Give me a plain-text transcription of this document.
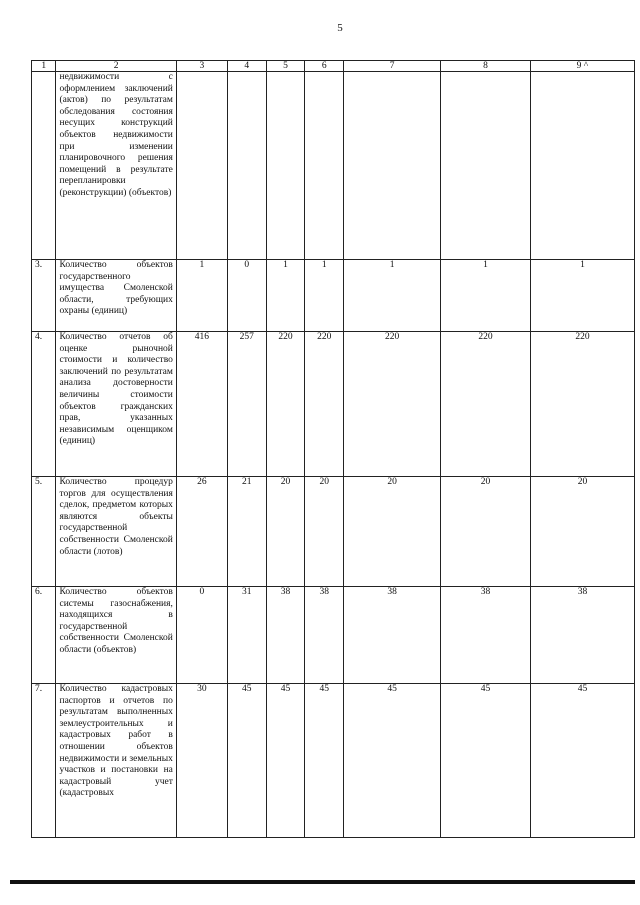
5
1	2	3	4	5	6	7	8	9 ^
	недвижимости с оформлением заключений (актов) по результатам обследования состояния несущих конструкций объектов недвижимости при изменении планировочного решения помещений в результате перепланировки (реконструкции) (объектов)							
3.	Количество объектов государственного имущества Смоленской области, требующих охраны (единиц)	1	0	1	1	1	1	1
4.	Количество отчетов об оценке рыночной стоимости и количество заключений по результатам анализа достоверности величины стоимости объектов гражданских прав, указанных независимым оценщиком (единиц)	416	257	220	220	220	220	220
5.	Количество процедур торгов для осуществления сделок, предметом которых являются объекты государственной собственности Смоленской области (лотов)	26	21	20	20	20	20	20
6.	Количество объектов системы газоснабжения, находящихся в государственной собственности Смоленской области (объектов)	0	31	38	38	38	38	38
7.	Количество кадастровых паспортов и отчетов по результатам выполненных землеустроительных и кадастровых работ в отношении объектов недвижимости и земельных участков и постановки на кадастровый учет (кадастровых	30	45	45	45	45	45	45
